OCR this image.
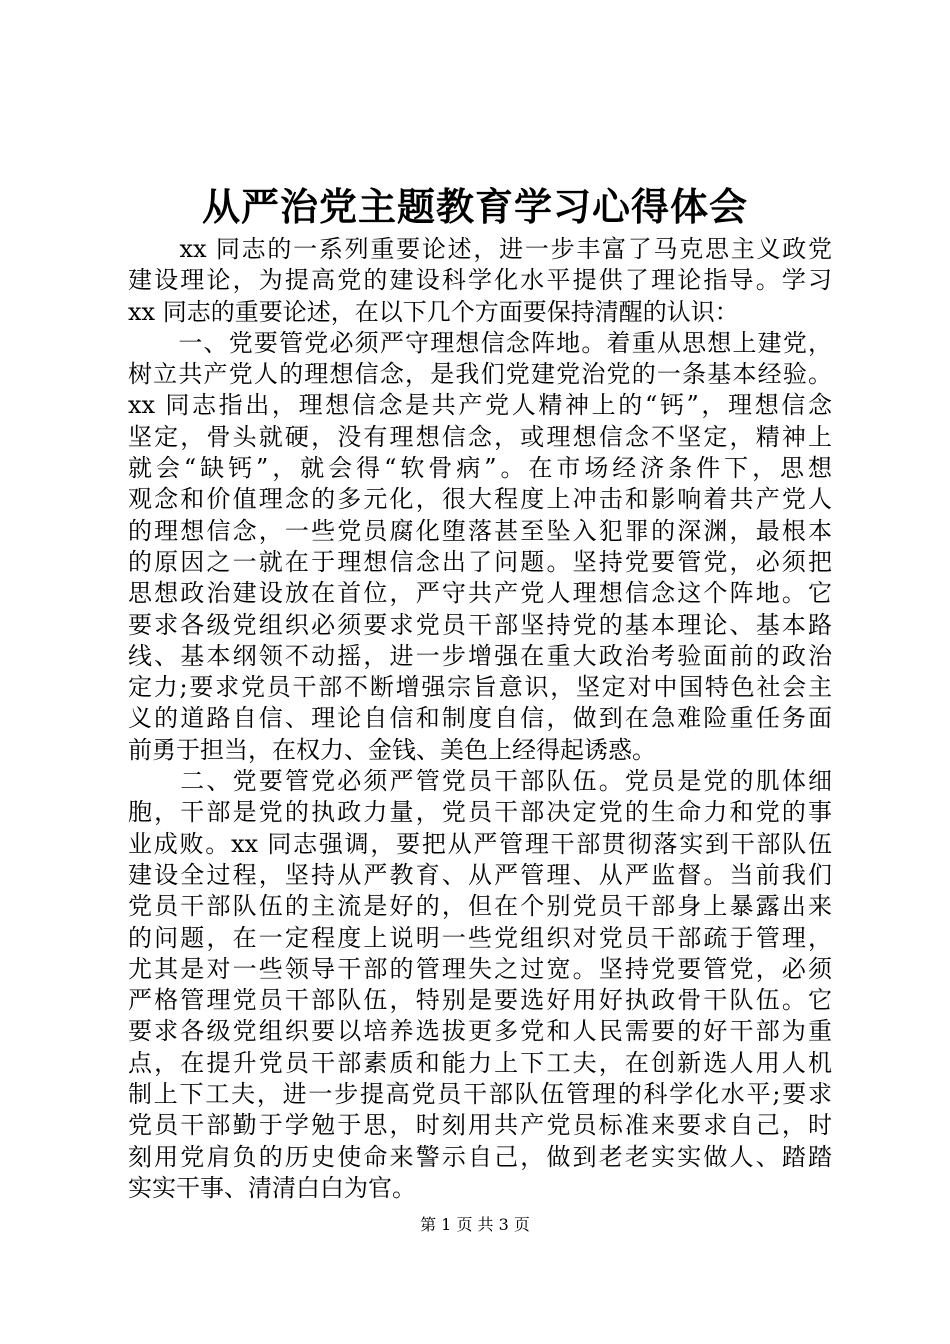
从严治党主题教育学习心得体会
　　xx 同志的一系列重要论述，进一步丰富了马克思主义政党
建设理论，为提高党的建设科学化水平提供了理论指导。学习
xx 同志的重要论述，在以下几个方面要保持清醒的认识：
　　一、党要管党必须严守理想信念阵地。着重从思想上建党，
树立共产党人的理想信念，是我们党建党治党的一条基本经验。
xx 同志指出，理想信念是共产党人精神上的“钙”，理想信念
坚定，骨头就硬，没有理想信念，或理想信念不坚定，精神上
就会“缺钙”，就会得“软骨病”。在市场经济条件下，思想
观念和价值理念的多元化，很大程度上冲击和影响着共产党人
的理想信念，一些党员腐化堕落甚至坠入犯罪的深渊，最根本
的原因之一就在于理想信念出了问题。坚持党要管党，必须把
思想政治建设放在首位，严守共产党人理想信念这个阵地。它
要求各级党组织必须要求党员干部坚持党的基本理论、基本路
线、基本纲领不动摇，进一步增强在重大政治考验面前的政治
定力;要求党员干部不断增强宗旨意识，坚定对中国特色社会主
义的道路自信、理论自信和制度自信，做到在急难险重任务面
前勇于担当，在权力、金钱、美色上经得起诱惑。
　　二、党要管党必须严管党员干部队伍。党员是党的肌体细
胞，干部是党的执政力量，党员干部决定党的生命力和党的事
业成败。xx 同志强调，要把从严管理干部贯彻落实到干部队伍
建设全过程，坚持从严教育、从严管理、从严监督。当前我们
党员干部队伍的主流是好的，但在个别党员干部身上暴露出来
的问题，在一定程度上说明一些党组织对党员干部疏于管理，
尤其是对一些领导干部的管理失之过宽。坚持党要管党，必须
严格管理党员干部队伍，特别是要选好用好执政骨干队伍。它
要求各级党组织要以培养选拔更多党和人民需要的好干部为重
点，在提升党员干部素质和能力上下工夫，在创新选人用人机
制上下工夫，进一步提高党员干部队伍管理的科学化水平;要求
党员干部勤于学勉于思，时刻用共产党员标准来要求自己，时
刻用党肩负的历史使命来警示自己，做到老老实实做人、踏踏
实实干事、清清白白为官。
第 1 页 共 3 页
